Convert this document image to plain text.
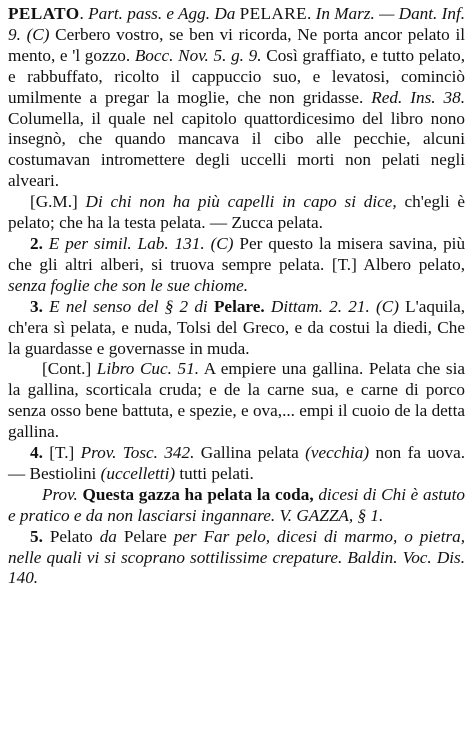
PELATO. Part. pass. e Agg. Da PELARE. In Marz. — Dant. Inf. 9. (C) Cerbero vostro, se ben vi ricorda, Ne porta ancor pelato il mento, e 'l gozzo. Bocc. Nov. 5. g. 9. Così graffiato, e tutto pelato, e rabbuffato, ricolto il cappuccio suo, e levatosi, cominciò umilmente a pregar la moglie, che non gridasse. Red. Ins. 38. Columella, il quale nel capitolo quattordicesimo del libro nono insegnò, che quando mancava il cibo alle pecchie, alcuni costumavan intromettere degli uccelli morti non pelati negli alveari.

[G.M.] Di chi non ha più capelli in capo si dice, ch'egli è pelato; che ha la testa pelata. — Zucca pelata.

2. E per simil. Lab. 131. (C) Per questo la misera savina, più che gli altri alberi, si truova sempre pelata. [T.] Albero pelato, senza foglie che son le sue chiome.

3. E nel senso del § 2 di Pelare. Dittam. 2. 21. (C) L'aquila, ch'era sì pelata, e nuda, Tolsi del Greco, e da costui la diedi, Che la guardasse e governasse in muda.

[Cont.] Libro Cuc. 51. A empiere una gallina. Pelata che sia la gallina, scorticala cruda; e de la carne sua, e carne di porco senza osso bene battuta, e spezie, e ova,... empi il cuoio de la detta gallina.

4. [T.] Prov. Tosc. 342. Gallina pelata (vecchia) non fa uova. — Bestiolini (uccelletti) tutti pelati.

Prov. Questa gazza ha pelata la coda, dicesi di Chi è astuto e pratico e da non lasciarsi ingannare. V. GAZZA, § 1.

5. Pelato da Pelare per Far pelo, dicesi di marmo, o pietra, nelle quali vi si scoprano sottilissime crepature. Baldin. Voc. Dis. 140.
